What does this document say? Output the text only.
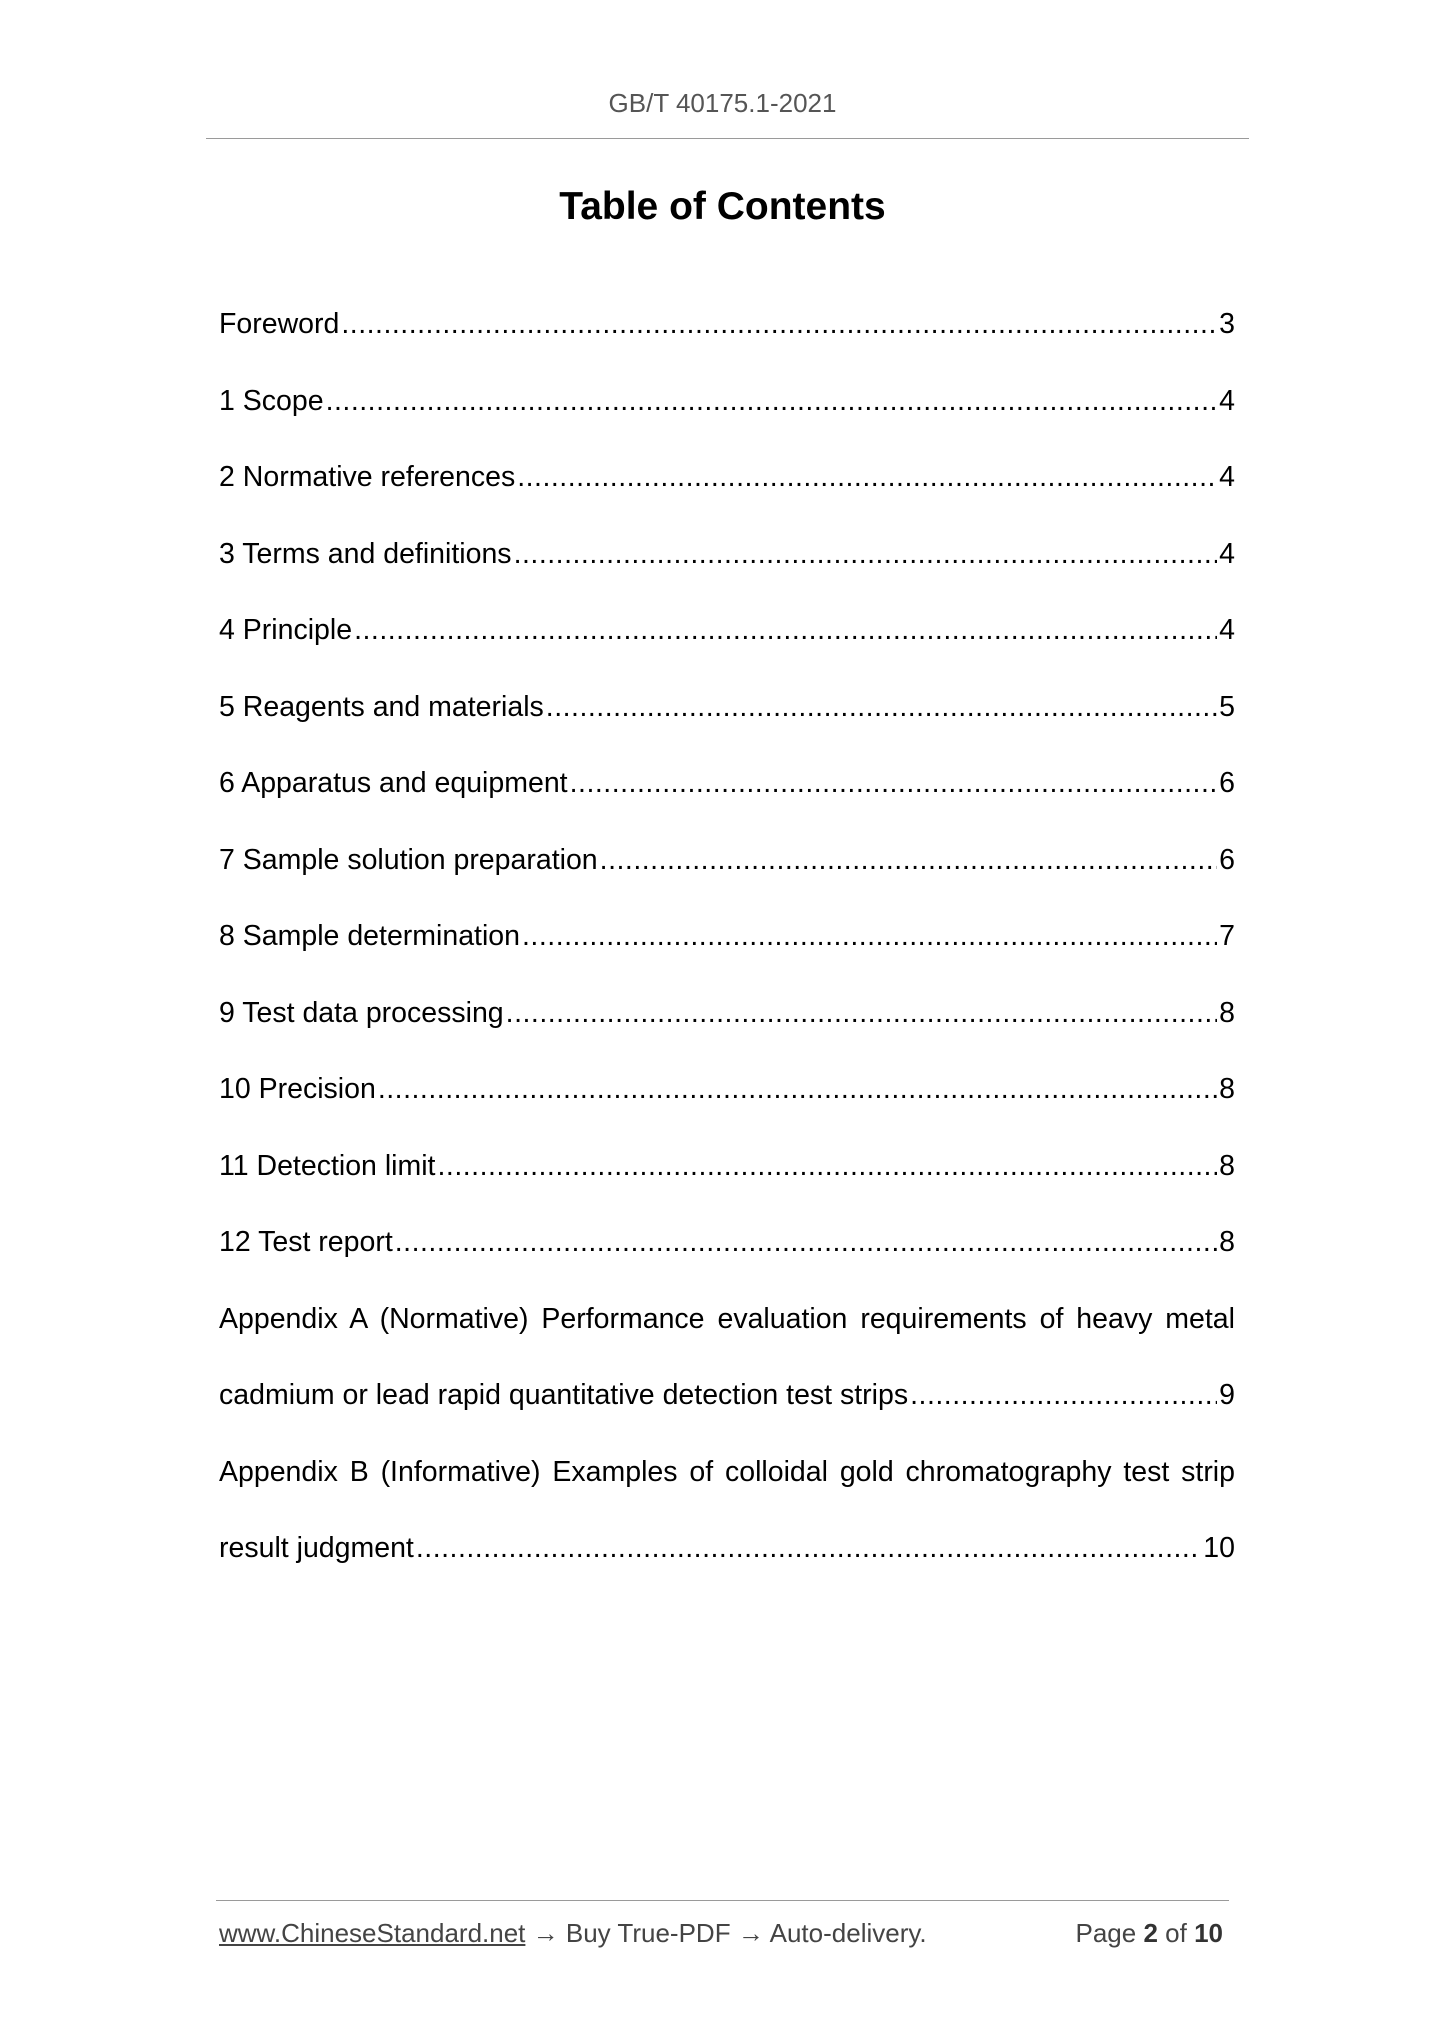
GB/T 40175.1-2021
Table of Contents
Foreword .....	3
1 Scope .....	4
2 Normative references .....	4
3 Terms and definitions .....	4
4 Principle .....	4
5 Reagents and materials .....	5
6 Apparatus and equipment .....	6
7 Sample solution preparation .....	6
8 Sample determination .....	7
9 Test data processing .....	8
10 Precision .....	8
11 Detection limit .....	8
12 Test report .....	8
Appendix A (Normative) Performance evaluation requirements of heavy metal
cadmium or lead rapid quantitative detection test strips .....	9
Appendix B (Informative) Examples of colloidal gold chromatography test strip
result judgment .....	10
www.ChineseStandard.net → Buy True-PDF → Auto-delivery.	Page 2 of 10
